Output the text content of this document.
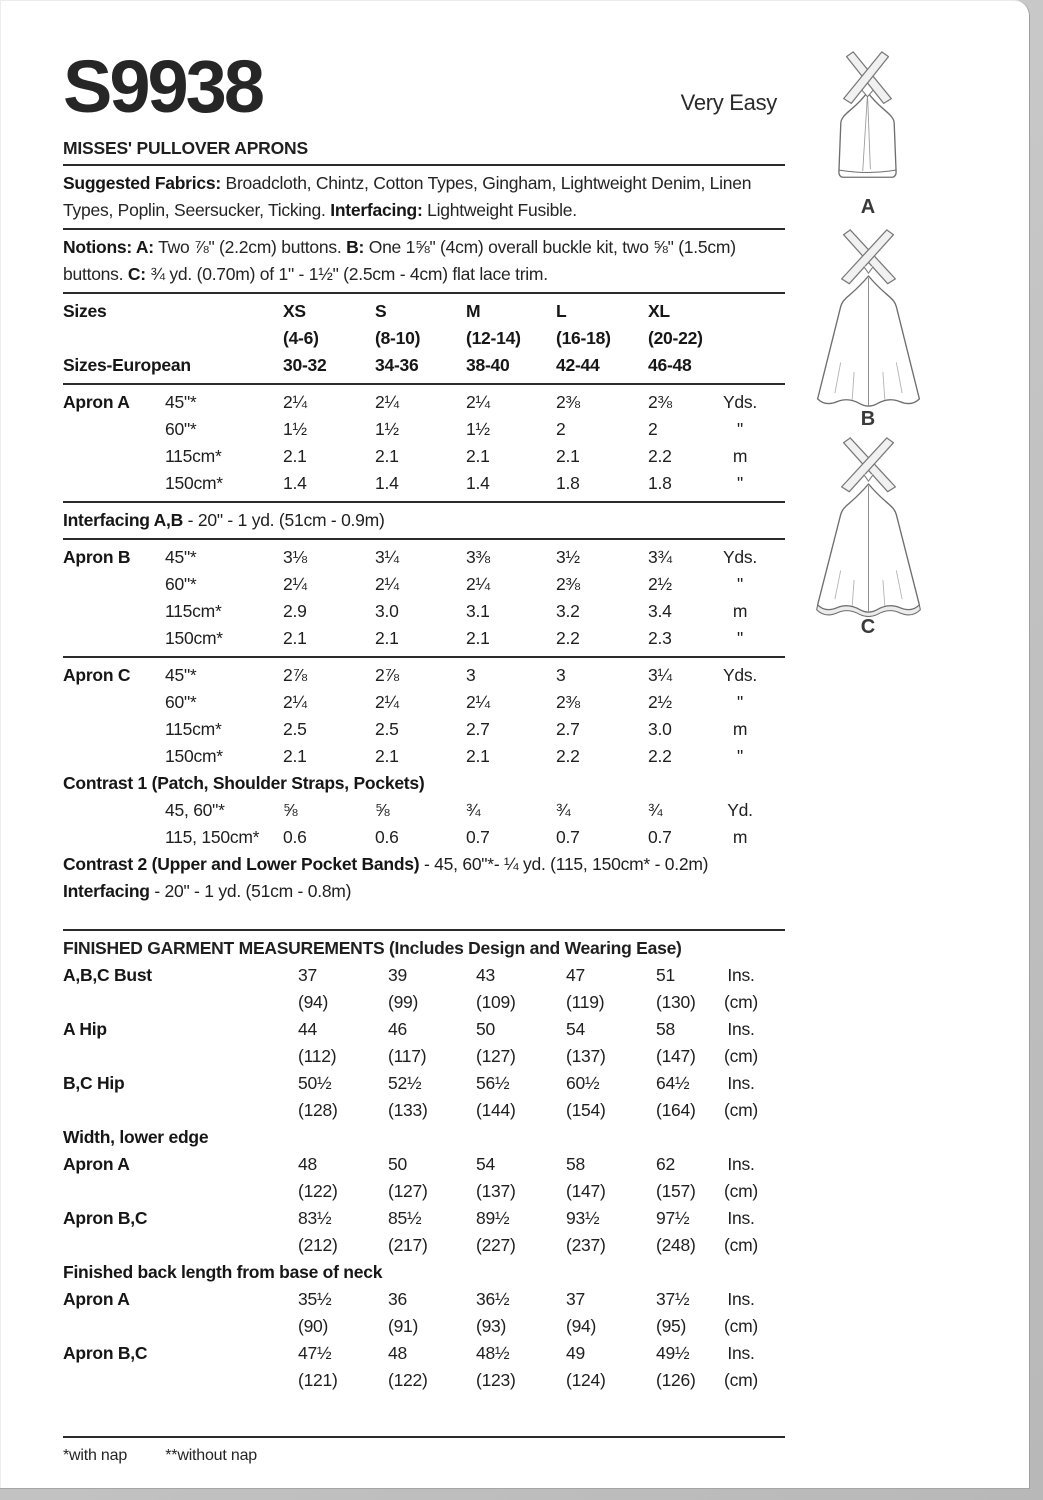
S9938	Very Easy
MISSES' PULLOVER APRONS

Suggested Fabrics: Broadcloth, Chintz, Cotton Types, Gingham, Lightweight Denim, Linen Types, Poplin, Seersucker, Ticking. Interfacing: Lightweight Fusible.

Notions: A: Two ⅞" (2.2cm) buttons. B: One 1⅝" (4cm) overall buckle kit, two ⅝" (1.5cm) buttons. C: ¾ yd. (0.70m) of 1" - 1½" (2.5cm - 4cm) flat lace trim.

Sizes	XS	S	M	L	XL
(4-6)	(8-10)	(12-14)	(16-18)	(20-22)
Sizes-European	30-32	34-36	38-40	42-44	46-48
Apron A	45"*	2¼	2¼	2¼	2⅜	2⅜	Yds.
60"*	1½	1½	1½	2	2	"
115cm*	2.1	2.1	2.1	2.1	2.2	m
150cm*	1.4	1.4	1.4	1.8	1.8	"
Interfacing A,B - 20" - 1 yd. (51cm - 0.9m)
Apron B	45"*	3⅛	3¼	3⅜	3½	3¾	Yds.
60"*	2¼	2¼	2¼	2⅜	2½	"
115cm*	2.9	3.0	3.1	3.2	3.4	m
150cm*	2.1	2.1	2.1	2.2	2.3	"
Apron C	45"*	2⅞	2⅞	3	3	3¼	Yds.
60"*	2¼	2¼	2¼	2⅜	2½	"
115cm*	2.5	2.5	2.7	2.7	3.0	m
150cm*	2.1	2.1	2.1	2.2	2.2	"
Contrast 1 (Patch, Shoulder Straps, Pockets)
45, 60"*	⅝	⅝	¾	¾	¾	Yd.
115, 150cm*	0.6	0.6	0.7	0.7	0.7	m
Contrast 2 (Upper and Lower Pocket Bands) - 45, 60"*- ¼ yd. (115, 150cm* - 0.2m)
Interfacing - 20" - 1 yd. (51cm - 0.8m)
FINISHED GARMENT MEASUREMENTS (Includes Design and Wearing Ease)
A,B,C Bust	37	39	43	47	51	Ins.
(94)	(99)	(109)	(119)	(130)	(cm)
A Hip	44	46	50	54	58	Ins.
(112)	(117)	(127)	(137)	(147)	(cm)
B,C Hip	50½	52½	56½	60½	64½	Ins.
(128)	(133)	(144)	(154)	(164)	(cm)
Width, lower edge
Apron A	48	50	54	58	62	Ins.
(122)	(127)	(137)	(147)	(157)	(cm)
Apron B,C	83½	85½	89½	93½	97½	Ins.
(212)	(217)	(227)	(237)	(248)	(cm)
Finished back length from base of neck
Apron A	35½	36	36½	37	37½	Ins.
(90)	(91)	(93)	(94)	(95)	(cm)
Apron B,C	47½	48	48½	49	49½	Ins.
(121)	(122)	(123)	(124)	(126)	(cm)
*with nap **without nap
A
B
C
